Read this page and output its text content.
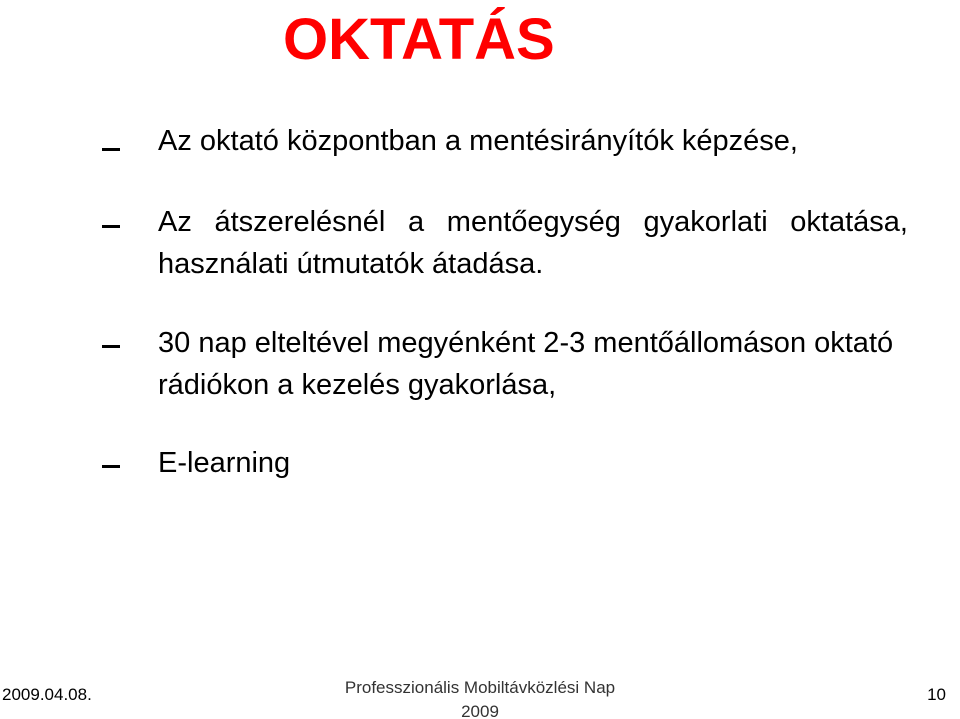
OKTATÁS
Az oktató központban a mentésirányítók képzése,
Az átszerelésnél a mentőegység gyakorlati oktatása, használati útmutatók átadása.
30 nap elteltével megyénként 2-3 mentőállomáson oktató rádiókon a kezelés gyakorlása,
E-learning
2009.04.08.	Professzionális Mobiltávközlési Nap
2009
10
